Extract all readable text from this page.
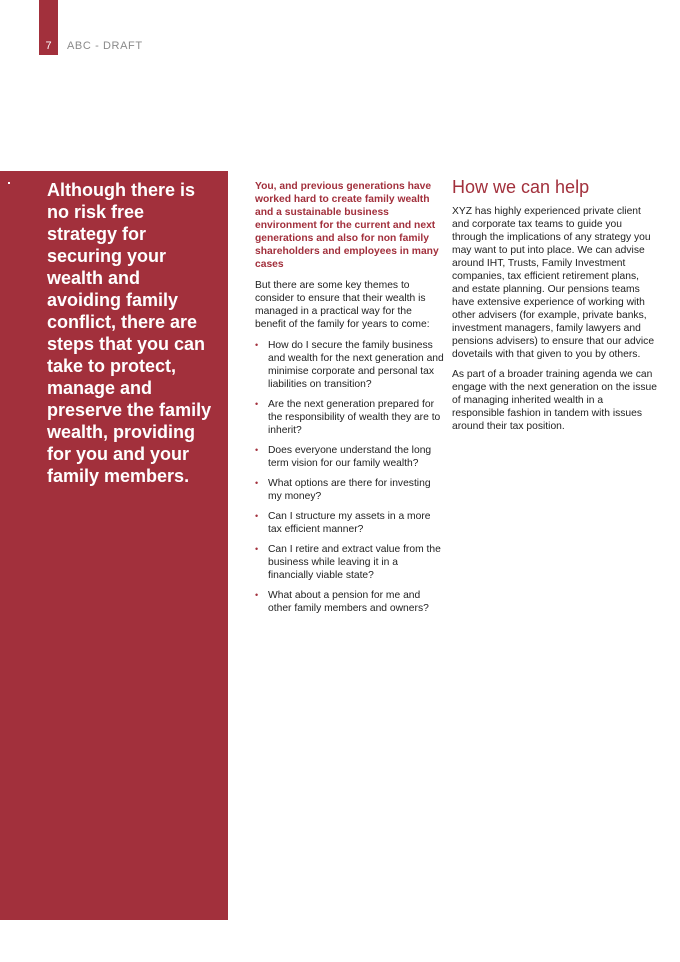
7	ABC - DRAFT

Although there is no risk free strategy for securing your wealth and avoiding family conflict, there are steps that you can take to protect, manage and preserve the family wealth, providing for you and your family members.

You, and previous generations have worked hard to create family wealth and a sustainable business environment for the current and next generations and also for non family shareholders and employees in many cases

But there are some key themes to consider to ensure that their wealth is managed in a practical way for the benefit of the family for years to come:

• How do I secure the family business and wealth for the next generation and minimise corporate and personal tax liabilities on transition?
• Are the next generation prepared for the responsibility of wealth they are to inherit?
• Does everyone understand the long term vision for our family wealth?
• What options are there for investing my money?
• Can I structure my assets in a more tax efficient manner?
• Can I retire and extract value from the business while leaving it in a financially viable state?
• What about a pension for me and other family members and owners?
How we can help

XYZ has highly experienced private client and corporate tax teams to guide you through the implications of any strategy you may want to put into place. We can advise around IHT, Trusts, Family Investment companies, tax efficient retirement plans, and estate planning. Our pensions teams have extensive experience of working with other advisers (for example, private banks, investment managers, family lawyers and pensions advisers) to ensure that our advice dovetails with that given to you by others.

As part of a broader training agenda we can engage with the next generation on the issue of managing inherited wealth in a responsible fashion in tandem with issues around their tax position.
